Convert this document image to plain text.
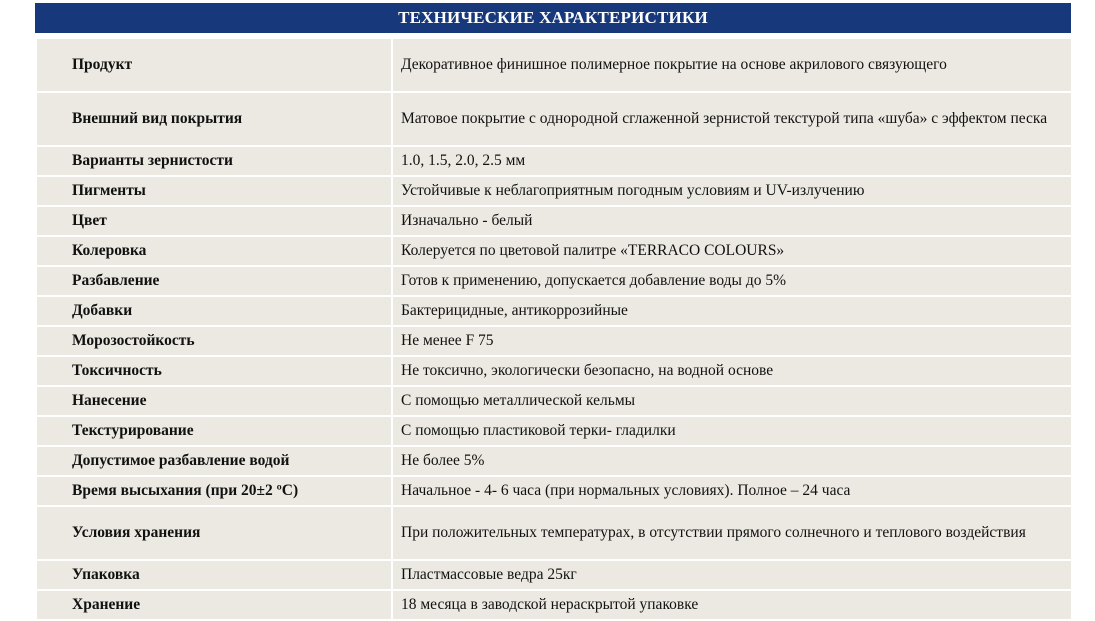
ТЕХНИЧЕСКИЕ ХАРАКТЕРИСТИКИ
Продукт	Декоративное финишное полимерное покрытие на основе акрилового связующего
Внешний вид покрытия	Матовое покрытие с однородной сглаженной зернистой текстурой типа «шуба» с эффектом песка
Варианты зернистости	1.0, 1.5, 2.0, 2.5 мм
Пигменты	Устойчивые к неблагоприятным погодным условиям и UV-излучению
Цвет	Изначально - белый
Колеровка	Колеруется по цветовой палитре «TERRACO COLOURS»
Разбавление	Готов к применению, допускается добавление воды до 5%
Добавки	Бактерицидные, антикоррозийные
Морозостойкость	Не менее F 75
Токсичность	Не токсично, экологически безопасно, на водной основе
Нанесение	С помощью металлической кельмы
Текстурирование	С помощью пластиковой терки- гладилки
Допустимое разбавление водой	Не более 5%
Время высыхания (при 20±2 ºC)	Начальное - 4- 6 часа (при нормальных условиях). Полное – 24 часа
Условия хранения	При положительных температурах, в отсутствии прямого солнечного и теплового воздействия
Упаковка	Пластмассовые ведра 25кг
Хранение	18 месяца в заводской нераскрытой упаковке
